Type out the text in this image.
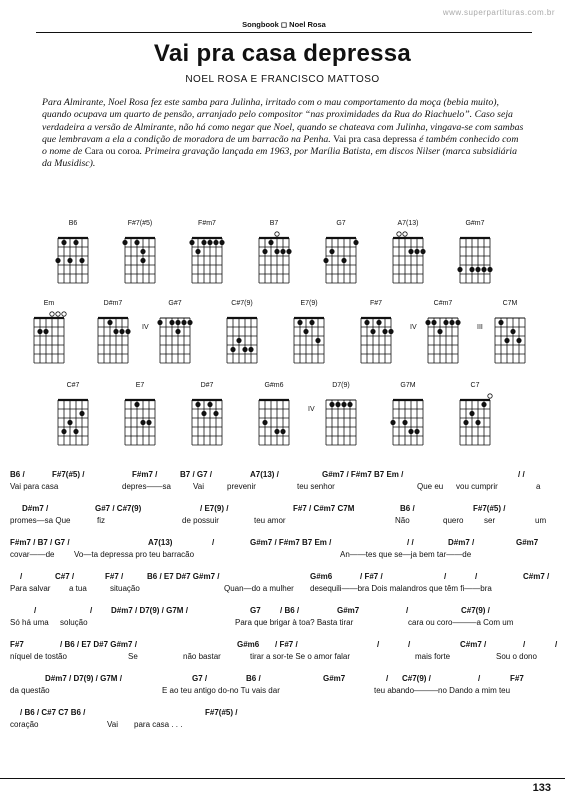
www.superpartituras.com.br
Songbook ◻ Noel Rosa
Vai pra casa depressa
NOEL ROSA E FRANCISCO MATTOSO
Para Almirante, Noel Rosa fez este samba para Julinha, irritado com o mau comportamento da moça (bebia muito), quando ocupava um quarto de pensão, arranjado pelo compositor “nas proximidades da Rua do Riachuelo”. Caso seja verdadeira a versão de Almirante, não há como negar que Noel, quando se chateava com Julinha, vingava-se com sambas que lembravam a ela a condição de moradora de um barracão na Penha. Vai pra casa depressa é também conhecido com o nome de Cara ou coroa. Primeira gravação lançada em 1963, por Marília Batista, em discos Nilser (marca subsidiária da Musidisc).
B6	F#7(#5)	F#m7	B7	G7	A7(13)	G#m7
Em	D#m7	G#7
IV
C#7(9)	E7(9)	F#7	C#m7
IV
C7M
III
C#7	E7	D#7	G#m6	D7(9)
IV
G7M	C7
B6 /	F#7(#5) /	F#m7 /	B7 / G7 /	A7(13) /	G#m7 / F#m7 B7 Em /	/ /
Vai para casa	depres——sa	Vai	prevenir	teu senhor	Que eu vou cumprir	a
D#m7 /	G#7 / C#7(9)	/ E7(9) /	F#7 / C#m7 C7M	B6 /	F#7(#5) /
promes—sa Que	fiz	de possuir	teu amor	Não	quero	ser	um
F#m7 / B7 / G7 /	A7(13)	/	G#m7 / F#m7 B7 Em /	/ /	D#m7 /	G#m7
covar——de Vo—ta depressa pro teu barracão	An——tes que se—ja bem tar——de
/	C#7 /	F#7 /	B6 / E7 D#7 G#m7 /	G#m6	/ F#7 /	/	/	C#m7 /
Para salvar a tua	situação	Quan—do a mulher desequili——bra Dois malandros que têm fi——bra
/	/ D#m7 / D7(9) / G7M /	G7 / B6 /	G#m7	/	C#7(9) /
Só há uma solução	Para que brigar à toa? Basta tirar	cara ou coro———a Com um
F#7	/ B6 / E7 D#7 G#m7 /	G#m6 / F#7 /	/	/	C#m7 /	/	/
níquel de tostão	Se	não bastar	tirar a sor-te Se o amor falar	mais forte	Sou o dono
D#m7 / D7(9) / G7M /	G7 /	B6 /	G#m7	/ C#7(9) /	/	F#7
da questão	E ao teu antigo do-no Tu vais dar	teu abando———no Dando a mim teu
/ B6 / C#7 C7 B6 /	F#7(#5) /
coração	Vai para casa . . .
133
